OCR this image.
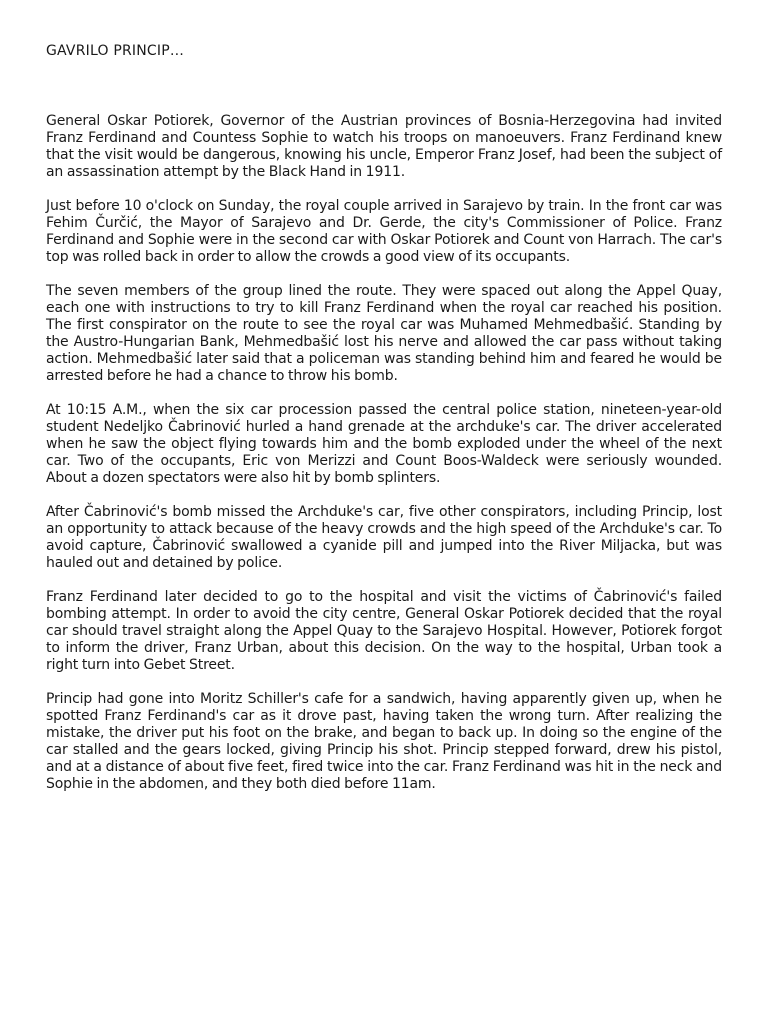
GAVRILO PRINCIP…

General Oskar Potiorek, Governor of the Austrian provinces of Bosnia-Herzegovina had invited Franz Ferdinand and Countess Sophie to watch his troops on manoeuvers. Franz Ferdinand knew that the visit would be dangerous, knowing his uncle, Emperor Franz Josef, had been the subject of an assassination attempt by the Black Hand in 1911.

Just before 10 o'clock on Sunday, the royal couple arrived in Sarajevo by train. In the front car was Fehim Čurčić, the Mayor of Sarajevo and Dr. Gerde, the city's Commissioner of Police. Franz Ferdinand and Sophie were in the second car with Oskar Potiorek and Count von Harrach. The car's top was rolled back in order to allow the crowds a good view of its occupants.

The seven members of the group lined the route. They were spaced out along the Appel Quay, each one with instructions to try to kill Franz Ferdinand when the royal car reached his position. The first conspirator on the route to see the royal car was Muhamed Mehmedbašić. Standing by the Austro-Hungarian Bank, Mehmedbašić lost his nerve and allowed the car pass without taking action. Mehmedbašić later said that a policeman was standing behind him and feared he would be arrested before he had a chance to throw his bomb.

At 10:15 A.M., when the six car procession passed the central police station, nineteen-year-old student Nedeljko Čabrinović hurled a hand grenade at the archduke's car. The driver accelerated when he saw the object flying towards him and the bomb exploded under the wheel of the next car. Two of the occupants, Eric von Merizzi and Count Boos-Waldeck were seriously wounded. About a dozen spectators were also hit by bomb splinters.

After Čabrinović's bomb missed the Archduke's car, five other conspirators, including Princip, lost an opportunity to attack because of the heavy crowds and the high speed of the Archduke's car. To avoid capture, Čabrinović swallowed a cyanide pill and jumped into the River Miljacka, but was hauled out and detained by police.

Franz Ferdinand later decided to go to the hospital and visit the victims of Čabrinović's failed bombing attempt. In order to avoid the city centre, General Oskar Potiorek decided that the royal car should travel straight along the Appel Quay to the Sarajevo Hospital. However, Potiorek forgot to inform the driver, Franz Urban, about this decision. On the way to the hospital, Urban took a right turn into Gebet Street.

Princip had gone into Moritz Schiller's cafe for a sandwich, having apparently given up, when he spotted Franz Ferdinand's car as it drove past, having taken the wrong turn. After realizing the mistake, the driver put his foot on the brake, and began to back up. In doing so the engine of the car stalled and the gears locked, giving Princip his shot. Princip stepped forward, drew his pistol, and at a distance of about five feet, fired twice into the car. Franz Ferdinand was hit in the neck and Sophie in the abdomen, and they both died before 11am.
